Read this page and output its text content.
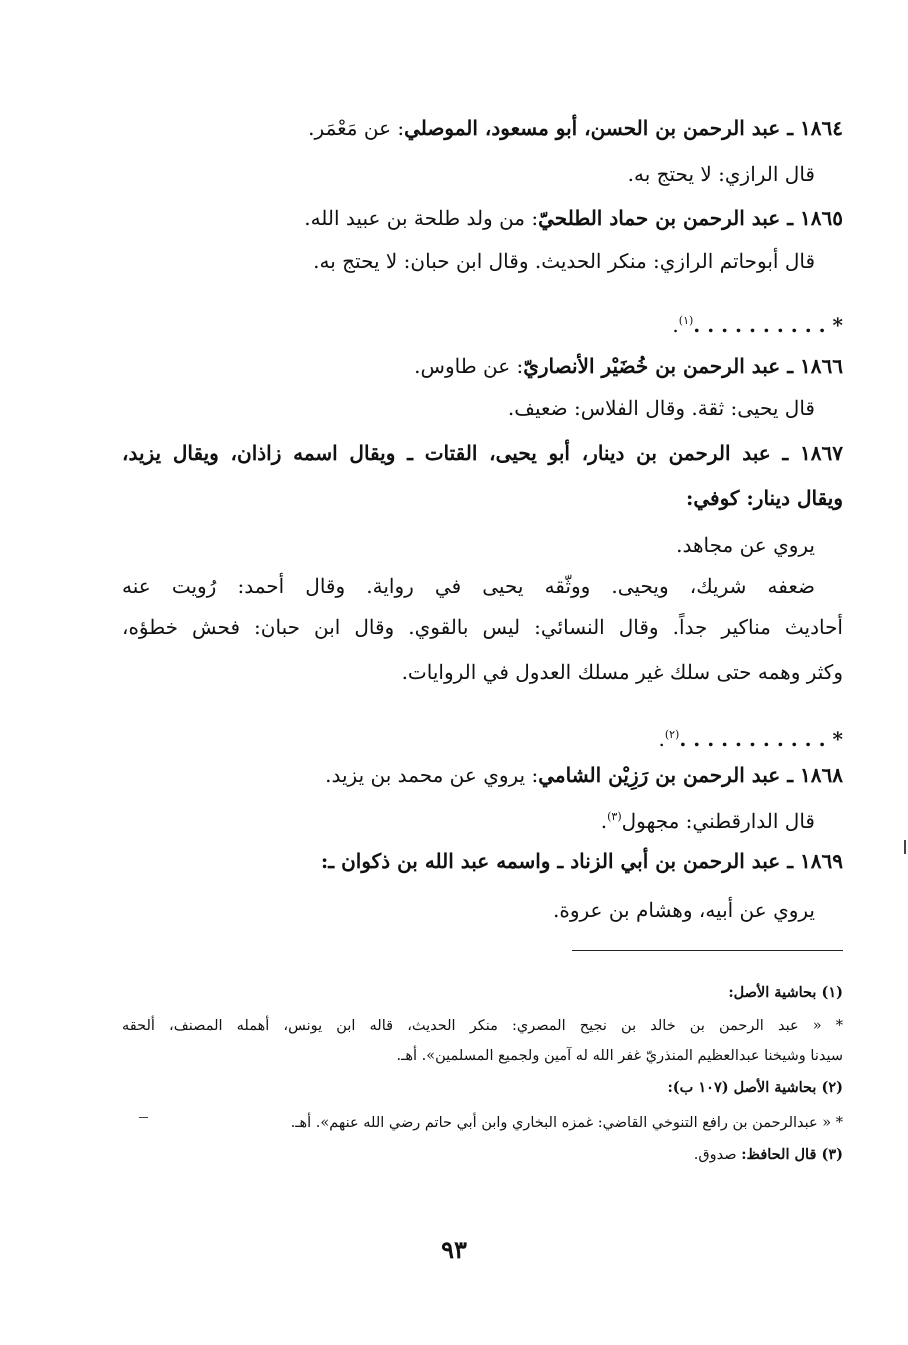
١٨٦٤ ـ عبد الرحمن بن الحسن، أبو مسعود، الموصلي: عن مَعْمَر.
قال الرازي: لا يحتج به.
١٨٦٥ ـ عبد الرحمن بن حماد الطلحيّ: من ولد طلحة بن عبيد الله.
قال أبوحاتم الرازي: منكر الحديث. وقال ابن حبان: لا يحتج به.
* . . . . . . . . . .$^{(١)}$.
١٨٦٦ ـ عبد الرحمن بن خُضَيْر الأنصاريّ: عن طاوس.
قال يحيى: ثقة. وقال الفلاس: ضعيف.
١٨٦٧ ـ عبد الرحمن بن دينار، أبو يحيى، القتات ـ ويقال اسمه زاذان، ويقال يزيد،
ويقال دينار: كوفي:
يروي عن مجاهد.
ضعفه شريك، ويحيى. ووثّقه يحيى في رواية. وقال أحمد: رُويت عنه
أحاديث مناكير جداً. وقال النسائي: ليس بالقوي. وقال ابن حبان: فحش خطؤه،
وكثر وهمه حتى سلك غير مسلك العدول في الروايات.
* . . . . . . . . . . .$^{(٢)}$.
١٨٦٨ ـ عبد الرحمن بن رَزِيْن الشامي: يروي عن محمد بن يزيد.
قال الدارقطني: مجهول$^{(٣)}$.
١٨٦٩ ـ عبد الرحمن بن أبي الزناد ـ واسمه عبد الله بن ذكوان ـ:
يروي عن أبيه، وهشام بن عروة.
(١) بحاشية الأصل:
* « عبد الرحمن بن خالد بن نجيح المصري: منكر الحديث، قاله ابن يونس، أهمله المصنف، ألحقه
سيدنا وشيخنا عبدالعظيم المنذريّ غفر الله له آمين ولجميع المسلمين». أهـ.
(٢) بحاشية الأصل (١٠٧ ب):
* « عبدالرحمن بن رافع التنوخي القاضي: غمزه البخاري وابن أبي حاتم رضي الله عنهم». أهـ.
(٣) قال الحافظ: صدوق.
٩٣
